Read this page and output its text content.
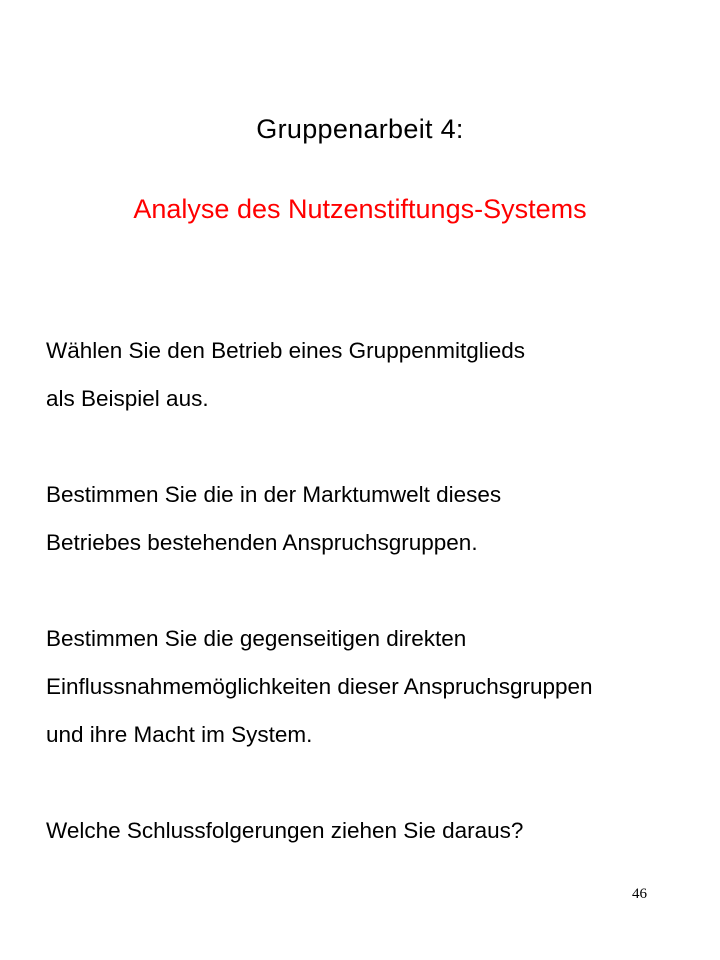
Gruppenarbeit 4:
Analyse des Nutzenstiftungs-Systems
Wählen Sie den Betrieb eines Gruppenmitglieds
als Beispiel aus.
Bestimmen Sie die in der Marktumwelt dieses
Betriebes bestehenden Anspruchsgruppen.
Bestimmen Sie die gegenseitigen direkten
Einflussnahmemöglichkeiten dieser Anspruchsgruppen
und ihre Macht im System.
Welche Schlussfolgerungen ziehen Sie daraus?
46
